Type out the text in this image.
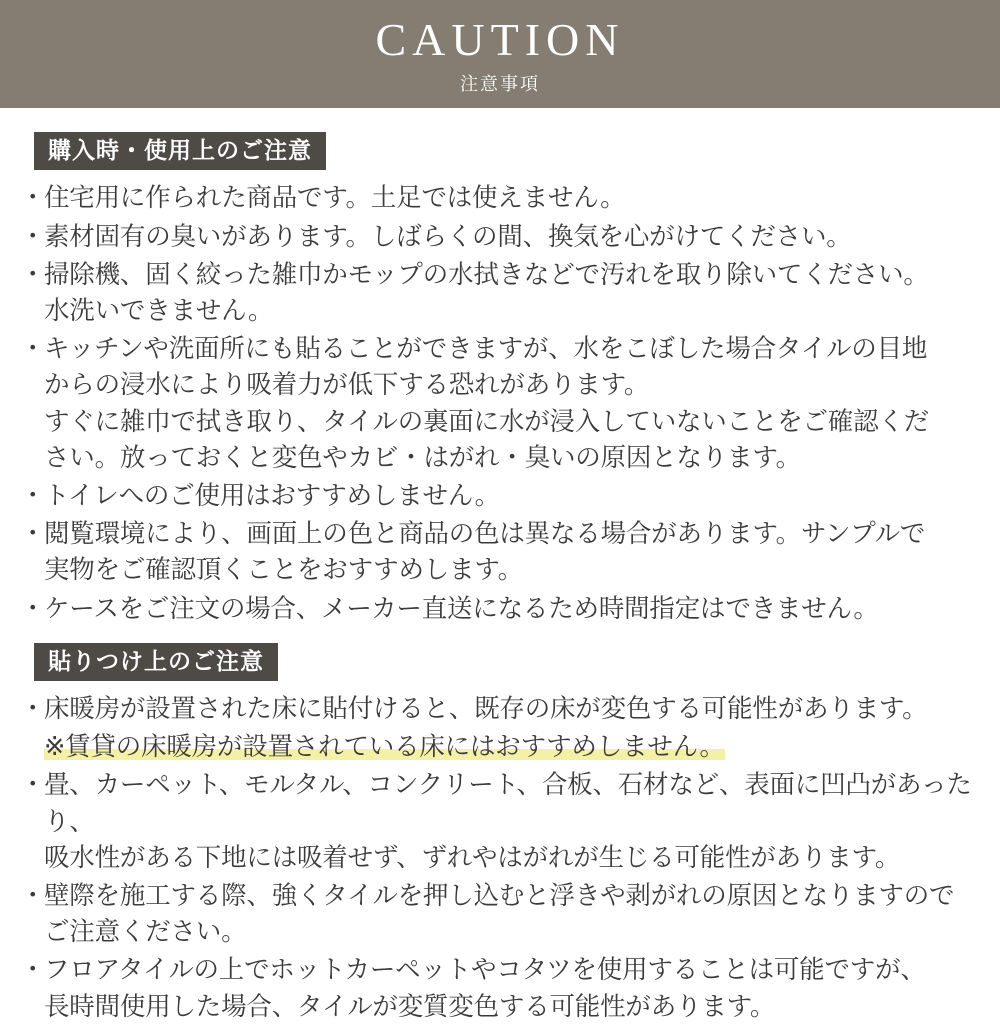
CAUTION
注意事項
購入時・使用上のご注意
・ 住宅用に作られた商品です。土足では使えません。
・ 素材固有の臭いがあります。しばらくの間、換気を心がけてください。
・ 掃除機、固く絞った雑巾かモップの水拭きなどで汚れを取り除いてください。
水洗いできません。
・ キッチンや洗面所にも貼ることができますが、水をこぼした場合タイルの目地
からの浸水により吸着力が低下する恐れがあります。
すぐに雑巾で拭き取り、タイルの裏面に水が浸入していないことをご確認くだ
さい。放っておくと変色やカビ・はがれ・臭いの原因となります。
・ トイレへのご使用はおすすめしません。
・ 閲覧環境により、画面上の色と商品の色は異なる場合があります。サンプルで
実物をご確認頂くことをおすすめします。
・ ケースをご注文の場合、メーカー直送になるため時間指定はできません。
貼りつけ上のご注意
・ 床暖房が設置された床に貼付けると、既存の床が変色する可能性があります。
※賃貸の床暖房が設置されている床にはおすすめしません。
・ 畳、カーペット、モルタル、コンクリート、合板、石材など、表面に凹凸があったり、
吸水性がある下地には吸着せず、ずれやはがれが生じる可能性があります。
・ 壁際を施工する際、強くタイルを押し込むと浮きや剥がれの原因となりますので
ご注意ください。
・ フロアタイルの上でホットカーペットやコタツを使用することは可能ですが、
長時間使用した場合、タイルが変質変色する可能性があります。
